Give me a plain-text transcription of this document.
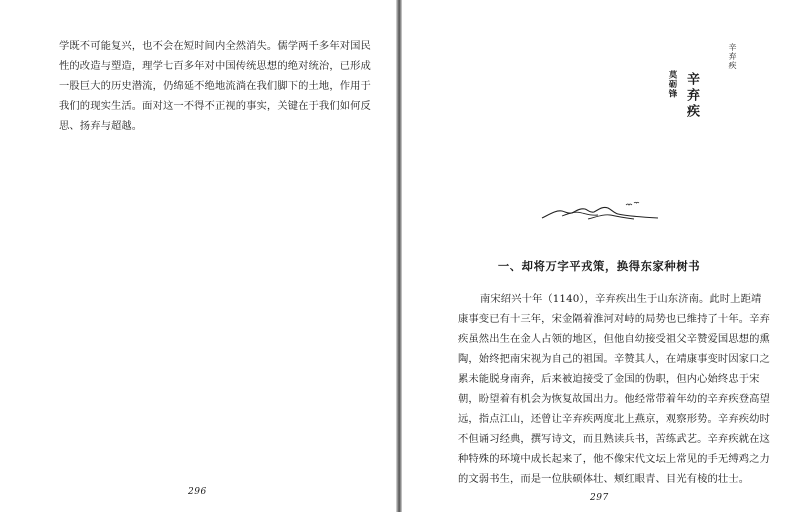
学既不可能复兴，也不会在短时间内全然消失。儒学两千多年对国民
性的改造与塑造，理学七百多年对中国传统思想的绝对统治，已形成
一股巨大的历史潜流，仍绵延不绝地流淌在我们脚下的土地，作用于
我们的现实生活。面对这一不得不正视的事实，关键在于我们如何反
思、扬弃与超越。
296
辛弃疾
辛弃疾
莫砺锋
一、却将万字平戎策，换得东家种树书
南宋绍兴十年（1140），辛弃疾出生于山东济南。此时上距靖
康事变已有十三年，宋金隔着淮河对峙的局势也已维持了十年。辛弃
疾虽然出生在金人占领的地区，但他自幼接受祖父辛赞爱国思想的熏
陶，始终把南宋视为自己的祖国。辛赞其人，在靖康事变时因家口之
累未能脱身南奔，后来被迫接受了金国的伪职，但内心始终忠于宋
朝，盼望着有机会为恢复故国出力。他经常带着年幼的辛弃疾登高望
远，指点江山，还曾让辛弃疾两度北上燕京，观察形势。辛弃疾幼时
不但诵习经典，撰写诗文，而且熟读兵书，苦练武艺。辛弃疾就在这
种特殊的环境中成长起来了，他不像宋代文坛上常见的手无缚鸡之力
的文弱书生，而是一位肤硕体壮、颊红眼青、目光有棱的壮士。
297
